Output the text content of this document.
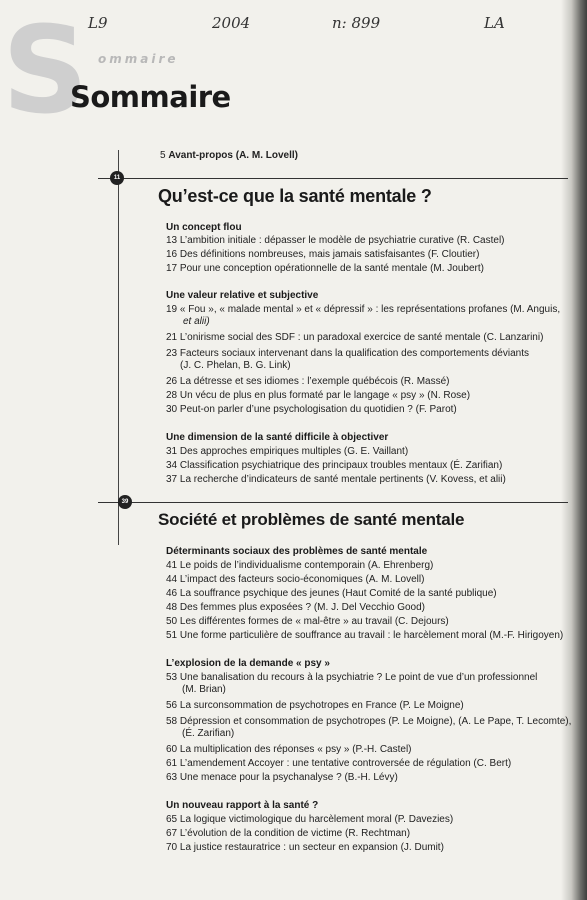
L9	2004	n: 899	LA
S ommaire
Sommaire
5 Avant-propos (A. M. Lovell)
11
Qu’est-ce que la santé mentale ?
Un concept flou
13 L’ambition initiale : dépasser le modèle de psychiatrie curative (R. Castel)
16 Des définitions nombreuses, mais jamais satisfaisantes (F. Cloutier)
17 Pour une conception opérationnelle de la santé mentale (M. Joubert)
Une valeur relative et subjective
19 « Fou », « malade mental » et « dépressif » : les représentations profanes (M. Anguis,
et alii)
21 L’onirisme social des SDF : un paradoxal exercice de santé mentale (C. Lanzarini)
23 Facteurs sociaux intervenant dans la qualification des comportements déviants
(J. C. Phelan, B. G. Link)
26 La détresse et ses idiomes : l’exemple québécois (R. Massé)
28 Un vécu de plus en plus formaté par le langage « psy » (N. Rose)
30 Peut-on parler d’une psychologisation du quotidien ? (F. Parot)
Une dimension de la santé difficile à objectiver
31 Des approches empiriques multiples (G. E. Vaillant)
34 Classification psychiatrique des principaux troubles mentaux (É. Zarifian)
37 La recherche d’indicateurs de santé mentale pertinents (V. Kovess, et alii)
39
Société et problèmes de santé mentale
Déterminants sociaux des problèmes de santé mentale
41 Le poids de l’individualisme contemporain (A. Ehrenberg)
44 L’impact des facteurs socio-économiques (A. M. Lovell)
46 La souffrance psychique des jeunes (Haut Comité de la santé publique)
48 Des femmes plus exposées ? (M. J. Del Vecchio Good)
50 Les différentes formes de « mal-être » au travail (C. Dejours)
51 Une forme particulière de souffrance au travail : le harcèlement moral (M.-F. Hirigoyen)
L’explosion de la demande « psy »
53 Une banalisation du recours à la psychiatrie ? Le point de vue d’un professionnel
(M. Brian)
56 La surconsommation de psychotropes en France (P. Le Moigne)
58 Dépression et consommation de psychotropes (P. Le Moigne), (A. Le Pape, T. Lecomte),
(É. Zarifian)
60 La multiplication des réponses « psy » (P.-H. Castel)
61 L’amendement Accoyer : une tentative controversée de régulation (C. Bert)
63 Une menace pour la psychanalyse ? (B.-H. Lévy)
Un nouveau rapport à la santé ?
65 La logique victimologique du harcèlement moral (P. Davezies)
67 L’évolution de la condition de victime (R. Rechtman)
70 La justice restauratrice : un secteur en expansion (J. Dumit)
